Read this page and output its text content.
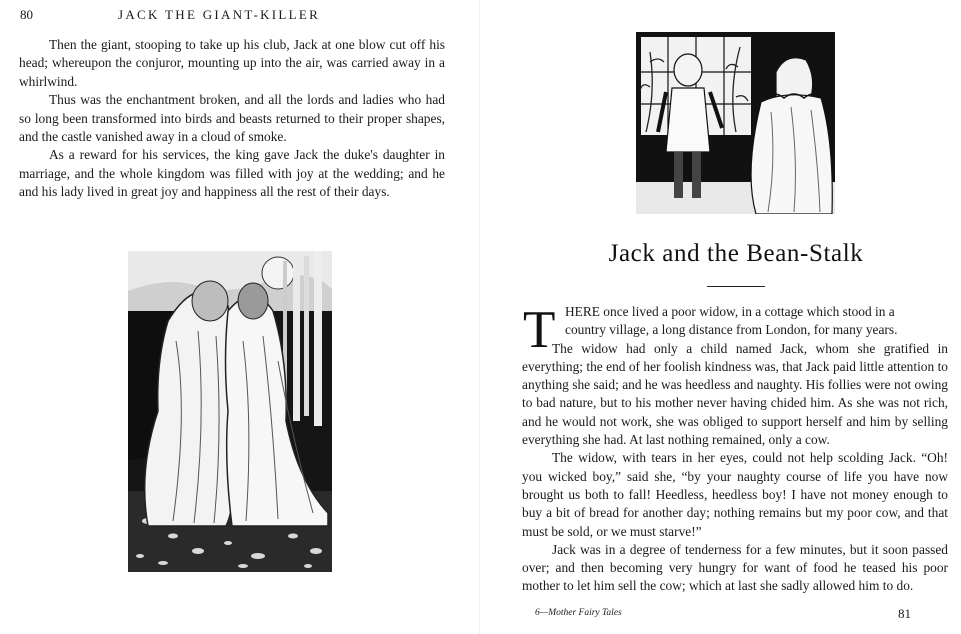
80	JACK THE GIANT-KILLER

Then the giant, stooping to take up his club, Jack at one blow cut off his head; whereupon the conjuror, mounting up into the air, was carried away in a whirlwind.

Thus was the enchantment broken, and all the lords and ladies who had so long been transformed into birds and beasts returned to their proper shapes, and the castle vanished away in a cloud of smoke.

As a reward for his services, the king gave Jack the duke's daughter in marriage, and the whole kingdom was filled with joy at the wedding; and he and his lady lived in great joy and happiness all the rest of their days.

Jack and the Bean-Stalk
T HERE once lived a poor widow, in a cottage which stood in a
country village, a long distance from London, for many years.

The widow had only a child named Jack, whom she gratified in everything; the end of her foolish kindness was, that Jack paid little attention to anything she said; and he was heedless and naughty. His follies were not owing to bad nature, but to his mother never having chided him. As she was not rich, and he would not work, she was obliged to support herself and him by selling everything she had. At last nothing remained, only a cow.

The widow, with tears in her eyes, could not help scolding Jack. “Oh! you wicked boy,” said she, “by your naughty course of life you have now brought us both to fall! Heedless, heedless boy! I have not money enough to buy a bit of bread for another day; nothing remains but my poor cow, and that must be sold, or we must starve!”

Jack was in a degree of tenderness for a few minutes, but it soon passed over; and then becoming very hungry for want of food he teased his poor mother to let him sell the cow; which at last she sadly allowed him to do.

6—Mother Fairy Tales	81
